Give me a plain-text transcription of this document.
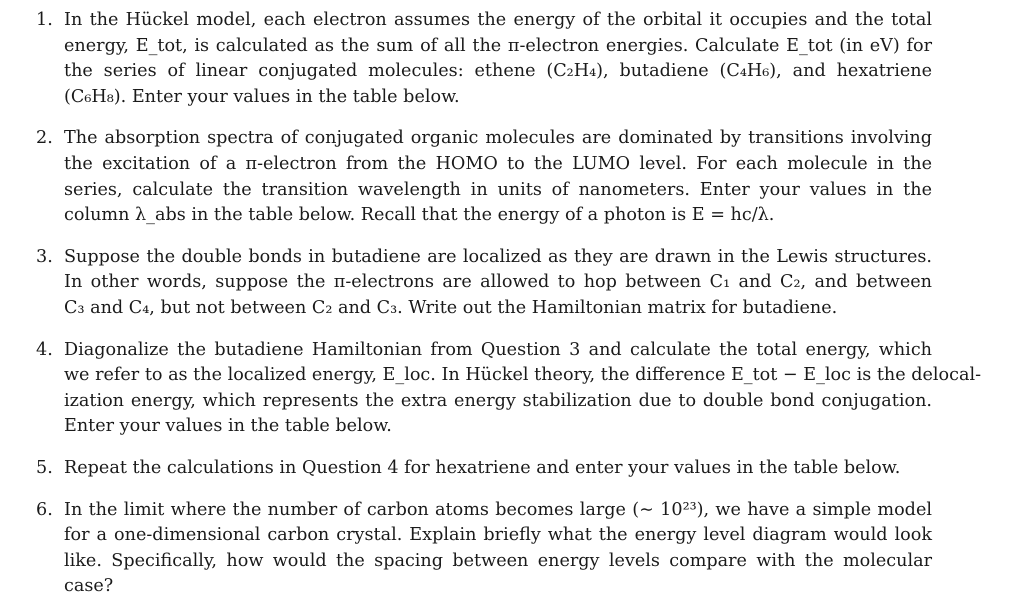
1. In the Hückel model, each electron assumes the energy of the orbital it occupies and the total
energy, E_tot, is calculated as the sum of all the π-electron energies. Calculate E_tot (in eV) for
the series of linear conjugated molecules: ethene (C₂H₄), butadiene (C₄H₆), and hexatriene
(C₆H₈). Enter your values in the table below.
2. The absorption spectra of conjugated organic molecules are dominated by transitions involving
the excitation of a π-electron from the HOMO to the LUMO level. For each molecule in the
series, calculate the transition wavelength in units of nanometers. Enter your values in the
column λ_abs in the table below. Recall that the energy of a photon is E = hc/λ.
3. Suppose the double bonds in butadiene are localized as they are drawn in the Lewis structures.
In other words, suppose the π-electrons are allowed to hop between C₁ and C₂, and between
C₃ and C₄, but not between C₂ and C₃. Write out the Hamiltonian matrix for butadiene.
4. Diagonalize the butadiene Hamiltonian from Question 3 and calculate the total energy, which
we refer to as the localized energy, E_loc. In Hückel theory, the difference E_tot − E_loc is the delocal-
ization energy, which represents the extra energy stabilization due to double bond conjugation.
Enter your values in the table below.
5. Repeat the calculations in Question 4 for hexatriene and enter your values in the table below.
6. In the limit where the number of carbon atoms becomes large (∼ 10²³), we have a simple model
for a one-dimensional carbon crystal. Explain briefly what the energy level diagram would look
like. Specifically, how would the spacing between energy levels compare with the molecular
case?
